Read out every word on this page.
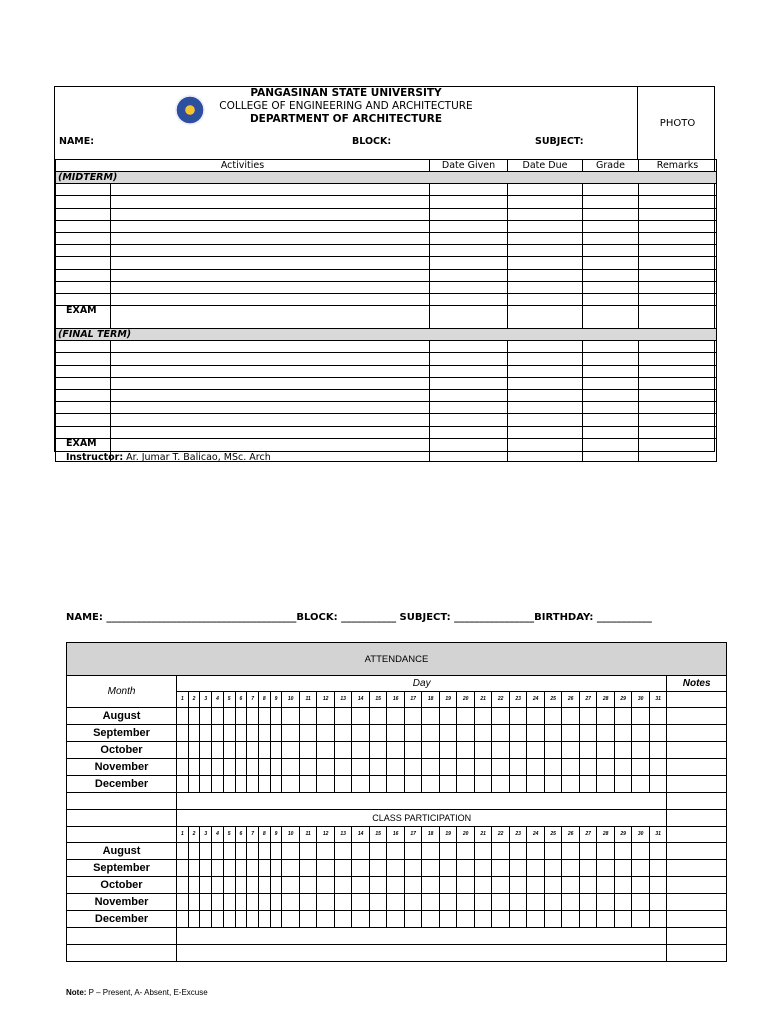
PANGASINAN STATE UNIVERSITY
COLLEGE OF ENGINEERING AND ARCHITECTURE
DEPARTMENT OF ARCHITECTURE
NAME:	BLOCK:	SUBJECT:
PHOTO
Activities		Date Given	Date Due	Grade	Remarks
(MIDTERM)					

EXAM					
(FINAL TERM)					

EXAM					
Instructor: Ar. Jumar T. Balicao, MSc. Arch
NAME: ______________________________________BLOCK: ___________ SUBJECT: ________________BIRTHDAY: ___________
ATTENDANCE																																
Month	Day																															Notes
	1	2	3	4	5	6	7	8	9	10	11	12	13	14	15	16	17	18	19	20	21	22	23	24	25	26	27	28	29	30	31	
August																																
September																																
October																																
November																																
December																																

	CLASS PARTICIPATION																															
	1	2	3	4	5	6	7	8	9	10	11	12	13	14	15	16	17	18	19	20	21	22	23	24	25	26	27	28	29	30	31	
August																																
September																																
October																																
November																																
December																																

Note: P – Present, A- Absent, E-Excuse
